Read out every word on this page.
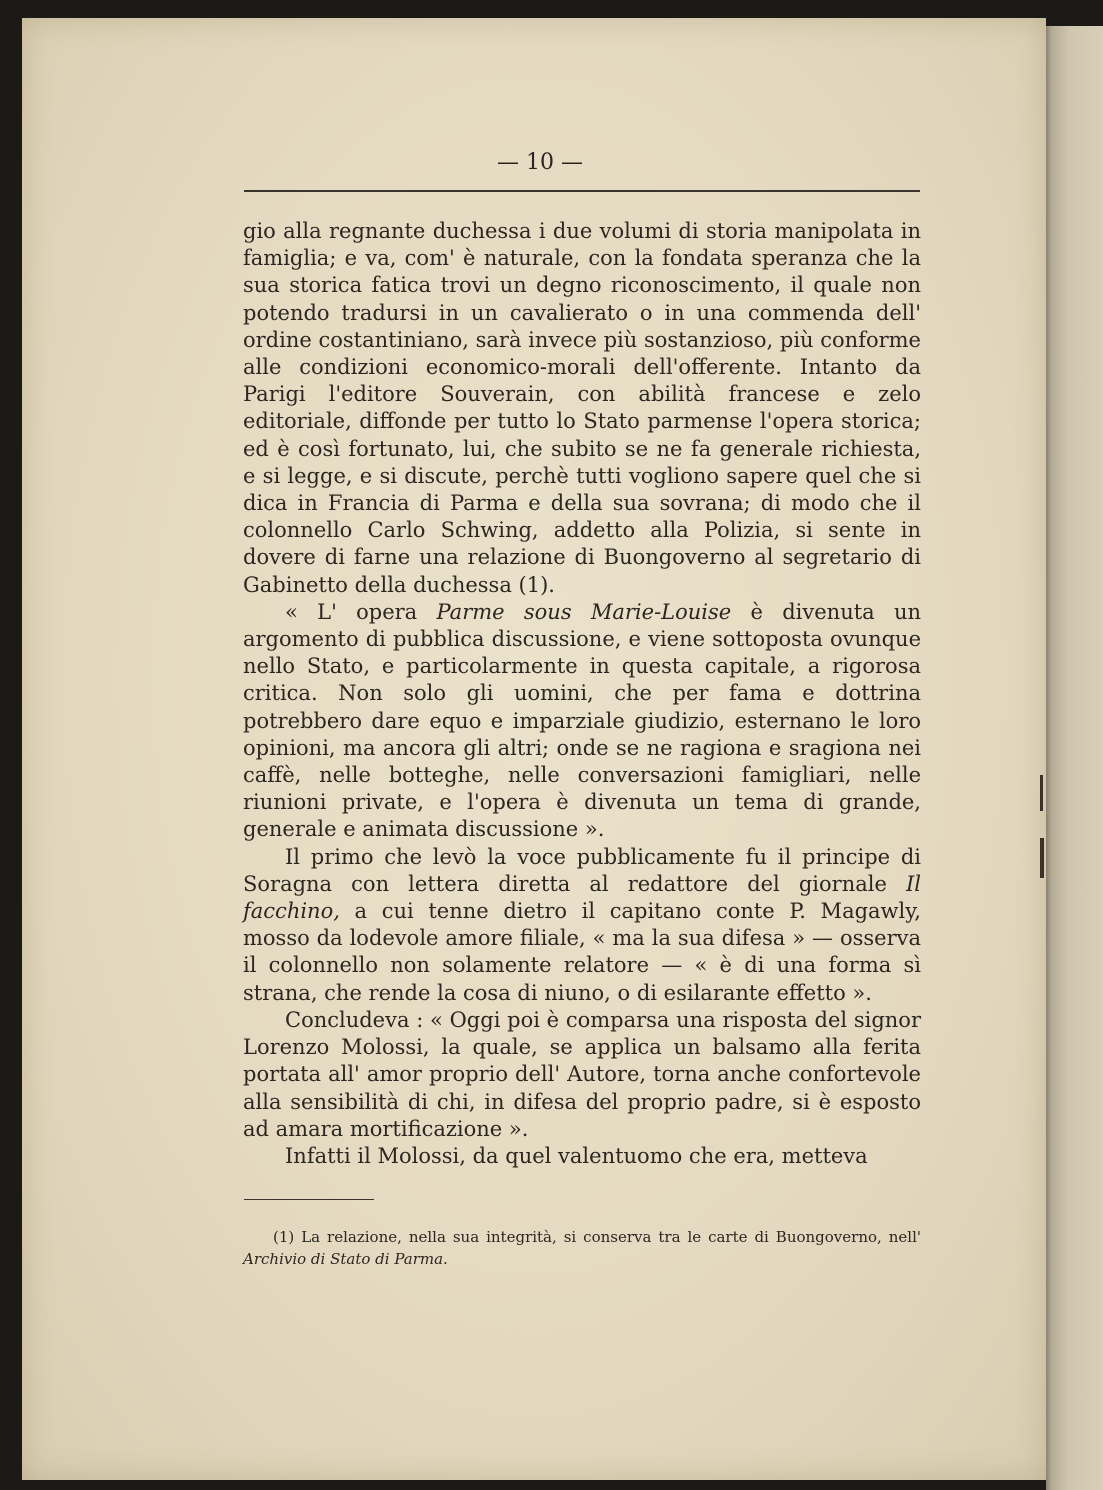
— 10 —

gio alla regnante duchessa i due volumi di storia manipolata in famiglia; e va, com' è naturale, con la fondata speranza che la sua storica fatica trovi un degno riconoscimento, il quale non potendo tradursi in un cavalierato o in una commenda dell' ordine costantiniano, sarà invece più sostanzioso, più conforme alle condizioni economico-morali dell'offerente. Intanto da Parigi l'editore Souverain, con abilità francese e zelo editoriale, diffonde per tutto lo Stato parmense l'opera storica; ed è così fortunato, lui, che subito se ne fa generale richiesta, e si legge, e si discute, perchè tutti vogliono sapere quel che si dica in Francia di Parma e della sua sovrana; di modo che il colonnello Carlo Schwing, addetto alla Polizia, si sente in dovere di farne una relazione di Buongoverno al segretario di Gabinetto della duchessa (1).

« L' opera Parme sous Marie-Louise è divenuta un argomento di pubblica discussione, e viene sottoposta ovunque nello Stato, e particolarmente in questa capitale, a rigorosa critica. Non solo gli uomini, che per fama e dottrina potrebbero dare equo e imparziale giudizio, esternano le loro opinioni, ma ancora gli altri; onde se ne ragiona e sragiona nei caffè, nelle botteghe, nelle conversazioni famigliari, nelle riunioni private, e l'opera è divenuta un tema di grande, generale e animata discussione ».

Il primo che levò la voce pubblicamente fu il principe di Soragna con lettera diretta al redattore del giornale Il facchino, a cui tenne dietro il capitano conte P. Magawly, mosso da lodevole amore filiale, « ma la sua difesa » — osserva il colonnello non solamente relatore — « è di una forma sì strana, che rende la cosa di niuno, o di esilarante effetto ».

Concludeva : « Oggi poi è comparsa una risposta del signor Lorenzo Molossi, la quale, se applica un balsamo alla ferita portata all' amor proprio dell' Autore, torna anche confortevole alla sensibilità di chi, in difesa del proprio padre, si è esposto ad amara mortificazione ».

Infatti il Molossi, da quel valentuomo che era, metteva

(1) La relazione, nella sua integrità, si conserva tra le carte di Buongoverno, nell' Archivio di Stato di Parma.
